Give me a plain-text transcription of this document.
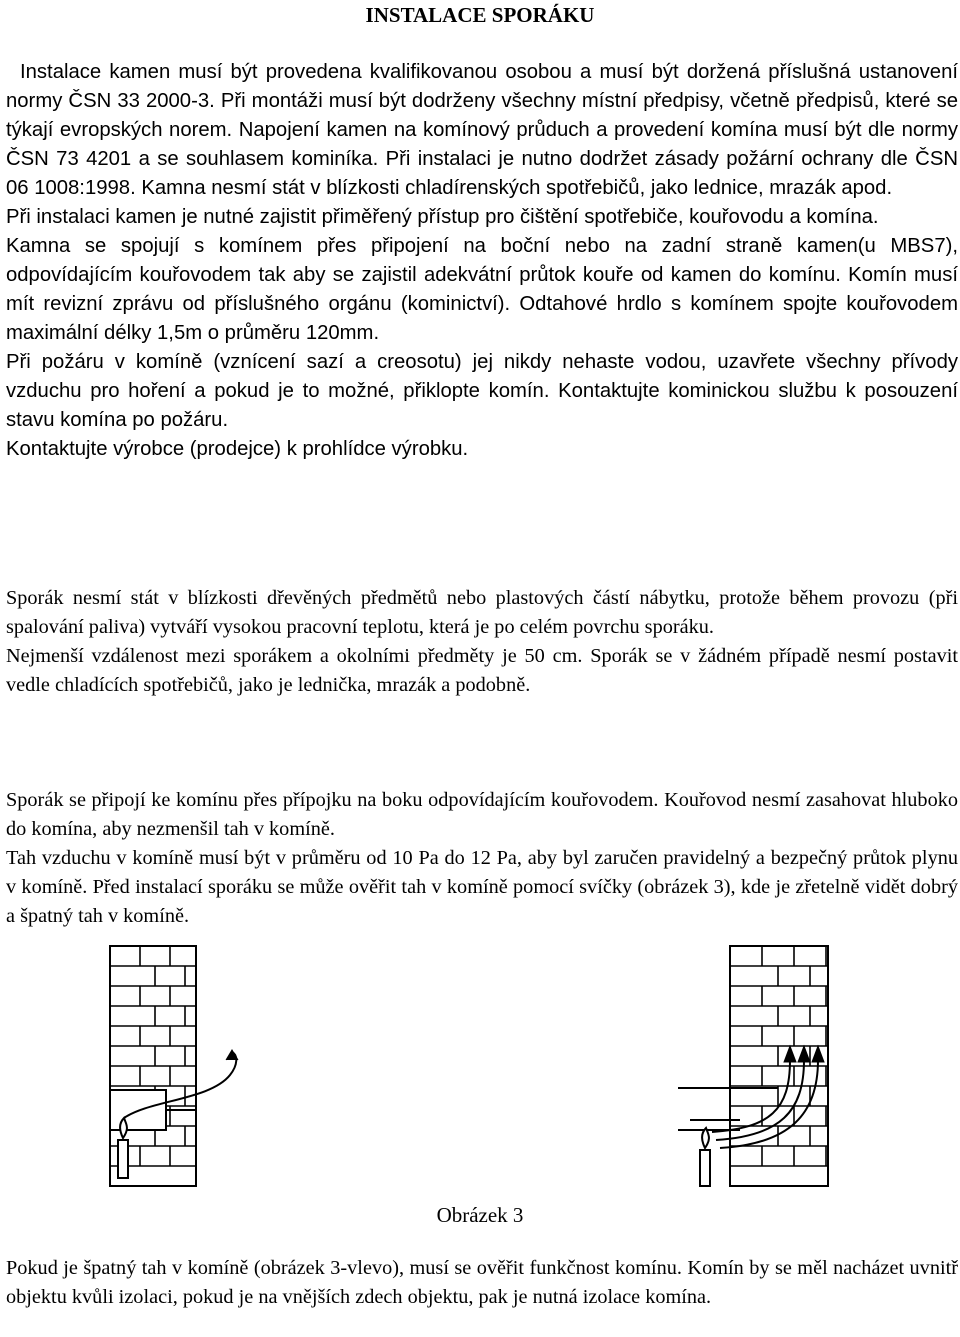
INSTALACE SPORÁKU

Instalace kamen musí být provedena kvalifikovanou osobou a musí být doržená příslušná ustanovení normy ČSN 33 2000-3. Při montáži musí být dodrženy všechny místní předpisy, včetně předpisů, které se týkají evropských norem. Napojení kamen na komínový průduch a provedení komína musí být dle normy ČSN 73 4201 a se souhlasem kominíka. Při instalaci je nutno dodržet zásady požární ochrany dle ČSN 06 1008:1998. Kamna nesmí stát v blízkosti chladírenských spotřebičů, jako lednice, mrazák apod.

Při instalaci kamen je nutné zajistit přiměřený přístup pro čištění spotřebiče, kouřovodu a komína.

Kamna se spojují s komínem přes připojení na boční nebo na zadní straně kamen(u MBS7), odpovídajícím kouřovodem tak aby se zajistil adekvátní průtok kouře od kamen do komínu. Komín musí mít revizní zprávu od příslušného orgánu (kominictví). Odtahové hrdlo s komínem spojte kouřovodem maximální délky 1,5m o průměru 120mm.

Při požáru v komíně (vznícení sazí a creosotu) jej nikdy nehaste vodou, uzavřete všechny přívody vzduchu pro hoření a pokud je to možné, přiklopte komín. Kontaktujte kominickou službu k posouzení stavu komína po požáru.

Kontaktujte výrobce (prodejce) k prohlídce výrobku.

Sporák nesmí stát v blízkosti dřevěných předmětů nebo plastových částí nábytku, protože během provozu (při spalování paliva) vytváří vysokou pracovní teplotu, která je po celém povrchu sporáku.

Nejmenší vzdálenost mezi sporákem a okolními předměty je 50 cm. Sporák se v žádném případě nesmí postavit vedle chladících spotřebičů, jako je lednička, mrazák a podobně.

Sporák se připojí ke komínu přes přípojku na boku odpovídajícím kouřovodem. Kouřovod nesmí zasahovat hluboko do komína, aby nezmenšil tah v komíně.

Tah vzduchu v komíně musí být v průměru od 10 Pa do 12 Pa, aby byl zaručen pravidelný a bezpečný průtok plynu v komíně. Před instalací sporáku se může ověřit tah v komíně pomocí svíčky (obrázek 3), kde je zřetelně vidět dobrý a špatný tah v komíně.

Obrázek 3

Pokud je špatný tah v komíně (obrázek 3-vlevo), musí se ověřit funkčnost komínu. Komín by se měl nacházet uvnitř objektu kvůli izolaci, pokud je na vnějších zdech objektu, pak je nutná izolace komína.
